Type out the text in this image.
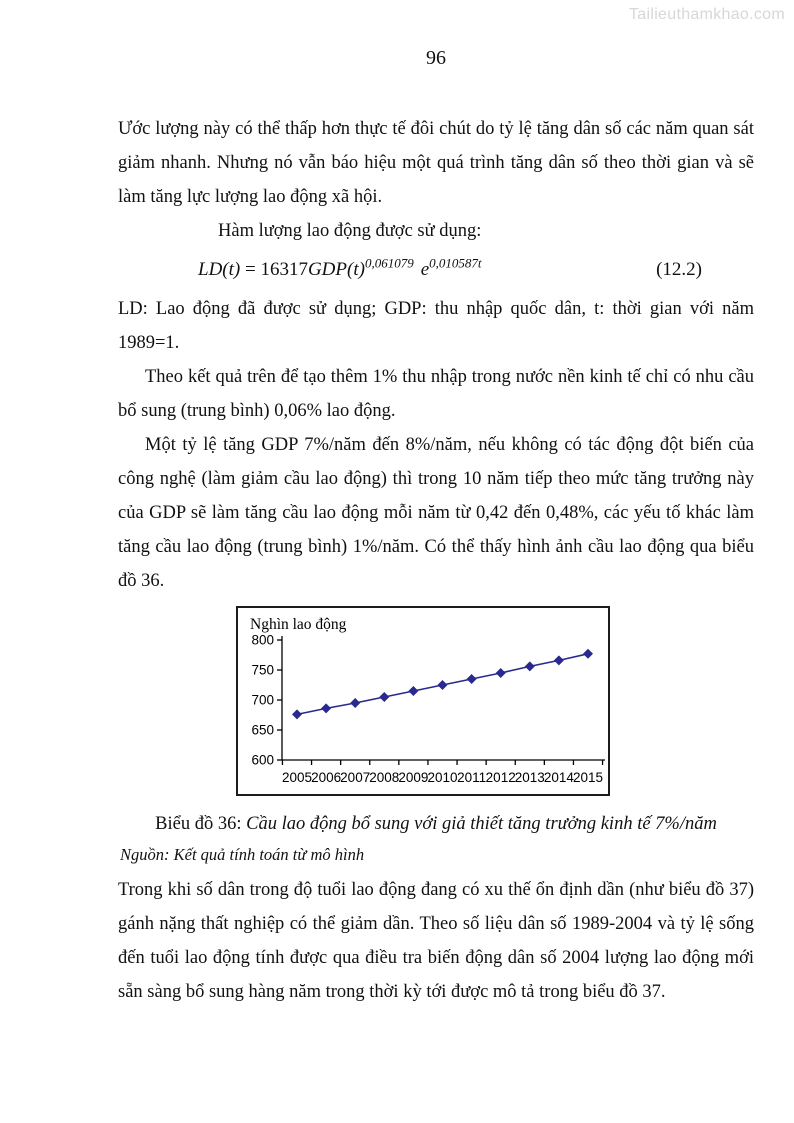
Tailieuthamkhao.com
96

Ước lượng này có thể thấp hơn thực tế đôi chút do tỷ lệ tăng dân số các năm quan sát giảm nhanh. Nhưng nó vẫn báo hiệu một quá trình tăng dân số theo thời gian và sẽ làm tăng lực lượng lao động xã hội.

Hàm lượng lao động được sử dụng:

$LD(t) = 16317GDP(t)^{0,061079}$ $e^{0,010587t}$	(12.2)

LD: Lao động đã được sử dụng; GDP: thu nhập quốc dân, t: thời gian với năm 1989=1.

Theo kết quả trên để tạo thêm 1% thu nhập trong nước nền kinh tế chỉ có nhu cầu bổ sung (trung bình) 0,06% lao động.

Một tỷ lệ tăng GDP 7%/năm đến 8%/năm, nếu không có tác động đột biến của công nghệ (làm giảm cầu lao động) thì trong 10 năm tiếp theo mức tăng trưởng này của GDP sẽ làm tăng cầu lao động mỗi năm từ 0,42 đến 0,48%, các yếu tố khác làm tăng cầu lao động (trung bình) 1%/năm. Có thể thấy hình ảnh cầu lao động qua biểu đồ 36.

Nghìn lao động
600
650
700
750
800
2005 2006 2007 2008 2009 2010 2011 2012 2013 2014 2015

Biểu đồ 36: Cầu lao động bổ sung với giả thiết tăng trưởng kinh tế 7%/năm

Nguồn: Kết quả tính toán từ mô hình

Trong khi số dân trong độ tuổi lao động đang có xu thế ổn định dần (như biểu đồ 37) gánh nặng thất nghiệp có thể giảm dần. Theo số liệu dân số 1989-2004 và tỷ lệ sống đến tuổi lao động tính được qua điều tra biến động dân số 2004 lượng lao động mới sẵn sàng bổ sung hàng năm trong thời kỳ tới được mô tả trong biểu đồ 37.
